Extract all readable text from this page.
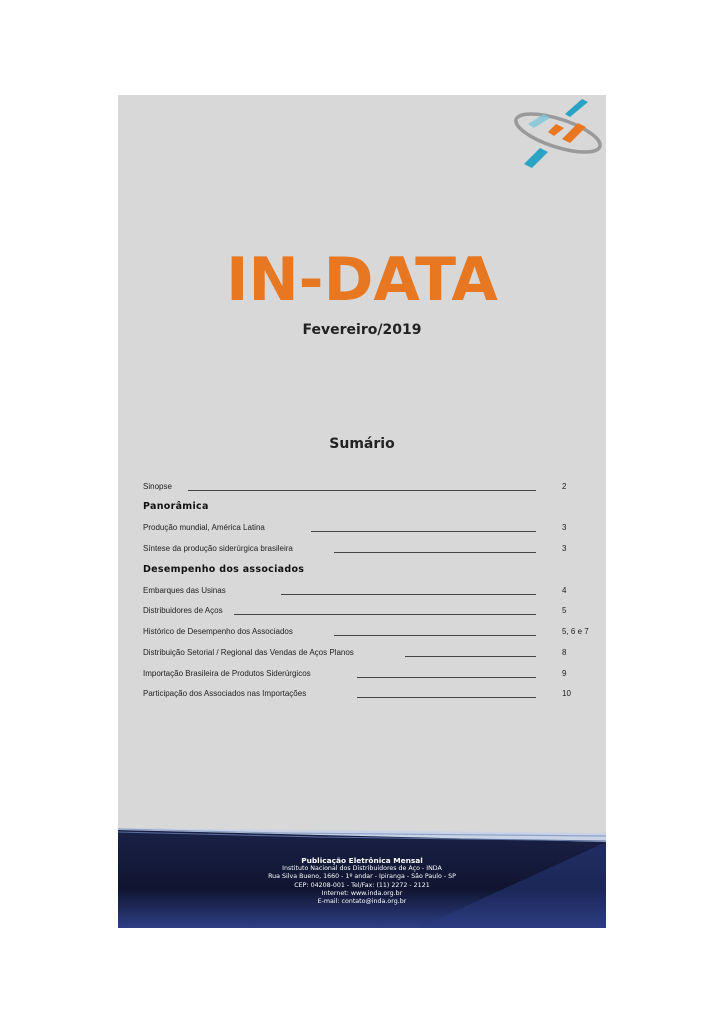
IN-DATA
Fevereiro/2019
Sumário
Sinopse	2
Panorâmica
Produção mundial, América Latina	3
Síntese da produção siderúrgica brasileira	3
Desempenho dos associados
Embarques das Usinas	4
Distribuidores de Aços	5
Histórico de Desempenho dos Associados	5, 6 e 7
Distribuição Setorial / Regional das Vendas de Aços Planos	8
Importação Brasileira de Produtos Siderúrgicos	9
Participação dos Associados nas Importações	10
Publicação Eletrônica Mensal
Instituto Nacional dos Distribuidores de Aço - INDA
Rua Silva Bueno, 1660 - 1º andar - Ipiranga - São Paulo - SP
CEP: 04208-001 - Tel/Fax: (11) 2272 - 2121
Internet: www.inda.org.br
E-mail: contato@inda.org.br
